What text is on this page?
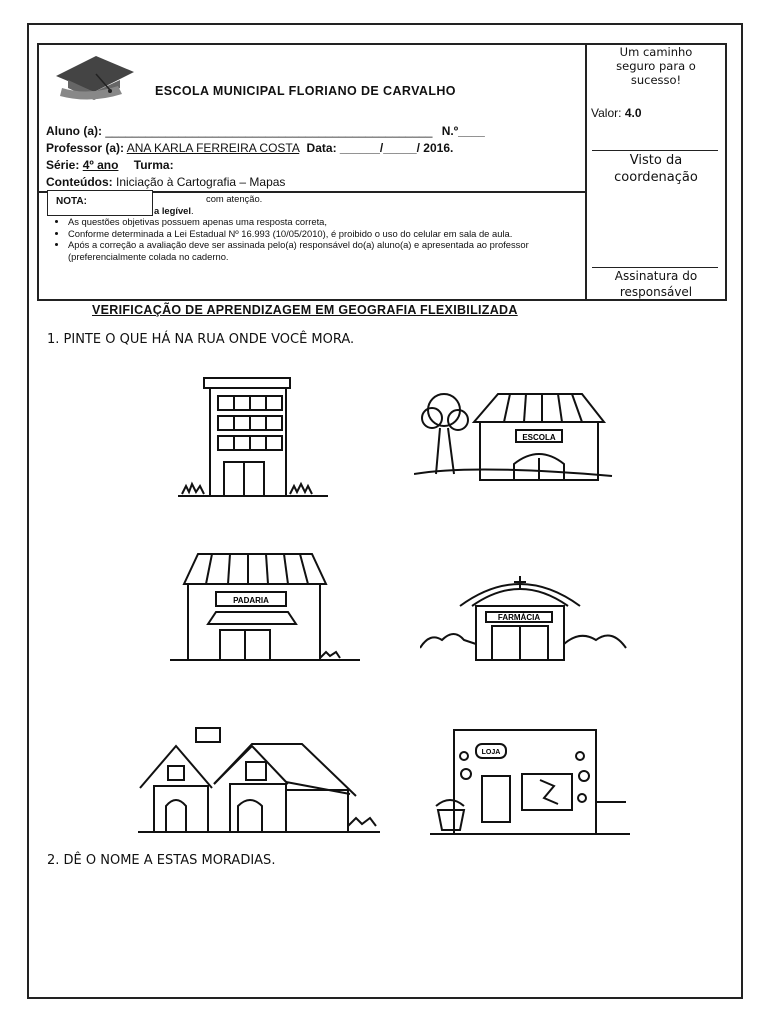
ESCOLA MUNICIPAL FLORIANO DE CARVALHO
Aluno (a): _________________________________________________ N.º____
Professor (a): ANA KARLA FERREIRA COSTA Data: ______/_____/ 2016.
Série: 4º ano Turma:
Conteúdos: Iniciação à Cartografia – Mapas
com atenção.
a legível.
• As questões objetivas possuem apenas uma resposta correta,
• Conforme determinada a Lei Estadual Nº 16.993 (10/05/2010), é proibido o uso do celular em sala de aula.
• Após a correção a avaliação deve ser assinada pelo(a) responsável do(a) aluno(a) e apresentada ao professor (preferencialmente colada no caderno.
NOTA:
Um caminho seguro para o sucesso!
Valor: 4.0
Visto da coordenação
Assinatura do responsável
VERIFICAÇÃO DE APRENDIZAGEM EM GEOGRAFIA FLEXIBILIZADA
1. PINTE O QUE HÁ NA RUA ONDE VOCÊ MORA.
ESCOLA
PADARIA
FARMÁCIA
LOJA
2. DÊ O NOME A ESTAS MORADIAS.
